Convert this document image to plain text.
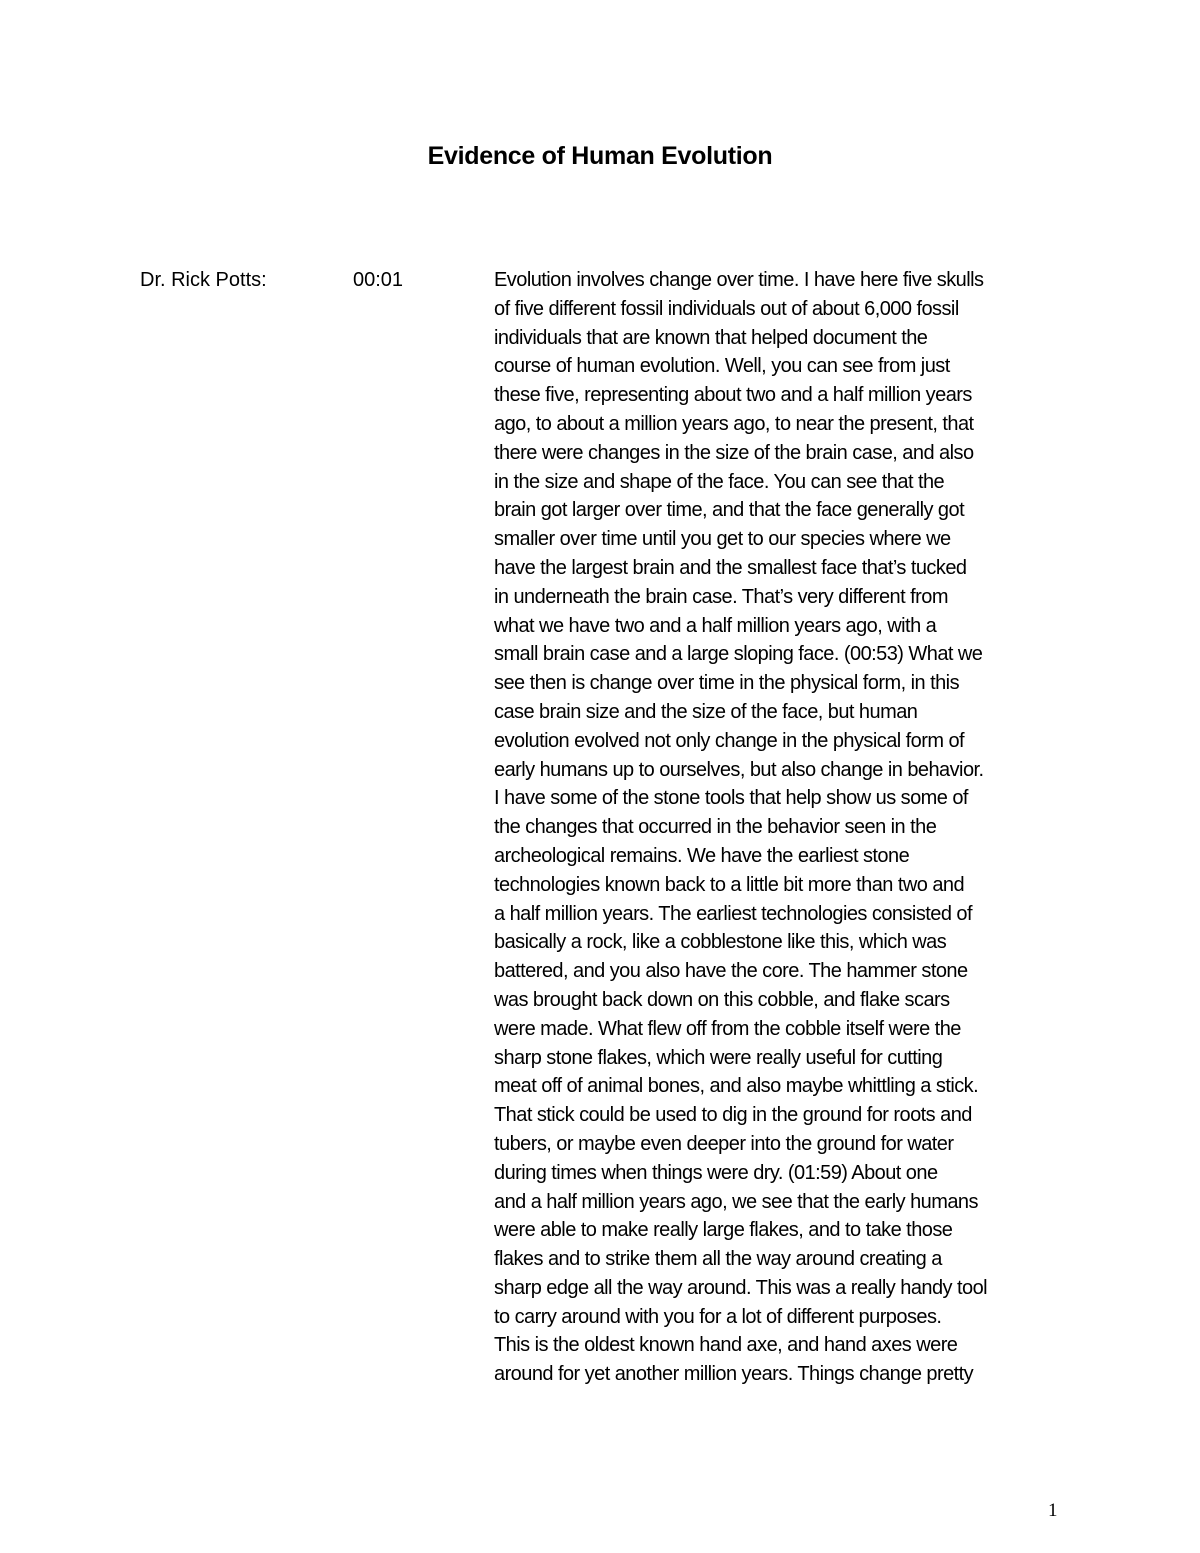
Evidence of Human Evolution
Dr. Rick Potts:	00:01	Evolution involves change over time. I have here five skulls
of five different fossil individuals out of about 6,000 fossil
individuals that are known that helped document the
course of human evolution. Well, you can see from just
these five, representing about two and a half million years
ago, to about a million years ago, to near the present, that
there were changes in the size of the brain case, and also
in the size and shape of the face. You can see that the
brain got larger over time, and that the face generally got
smaller over time until you get to our species where we
have the largest brain and the smallest face that’s tucked
in underneath the brain case. That’s very different from
what we have two and a half million years ago, with a
small brain case and a large sloping face. (00:53) What we
see then is change over time in the physical form, in this
case brain size and the size of the face, but human
evolution evolved not only change in the physical form of
early humans up to ourselves, but also change in behavior.
I have some of the stone tools that help show us some of
the changes that occurred in the behavior seen in the
archeological remains. We have the earliest stone
technologies known back to a little bit more than two and
a half million years. The earliest technologies consisted of
basically a rock, like a cobblestone like this, which was
battered, and you also have the core. The hammer stone
was brought back down on this cobble, and flake scars
were made. What flew off from the cobble itself were the
sharp stone flakes, which were really useful for cutting
meat off of animal bones, and also maybe whittling a stick.
That stick could be used to dig in the ground for roots and
tubers, or maybe even deeper into the ground for water
during times when things were dry. (01:59) About one
and a half million years ago, we see that the early humans
were able to make really large flakes, and to take those
flakes and to strike them all the way around creating a
sharp edge all the way around. This was a really handy tool
to carry around with you for a lot of different purposes.
This is the oldest known hand axe, and hand axes were
around for yet another million years. Things change pretty
1
